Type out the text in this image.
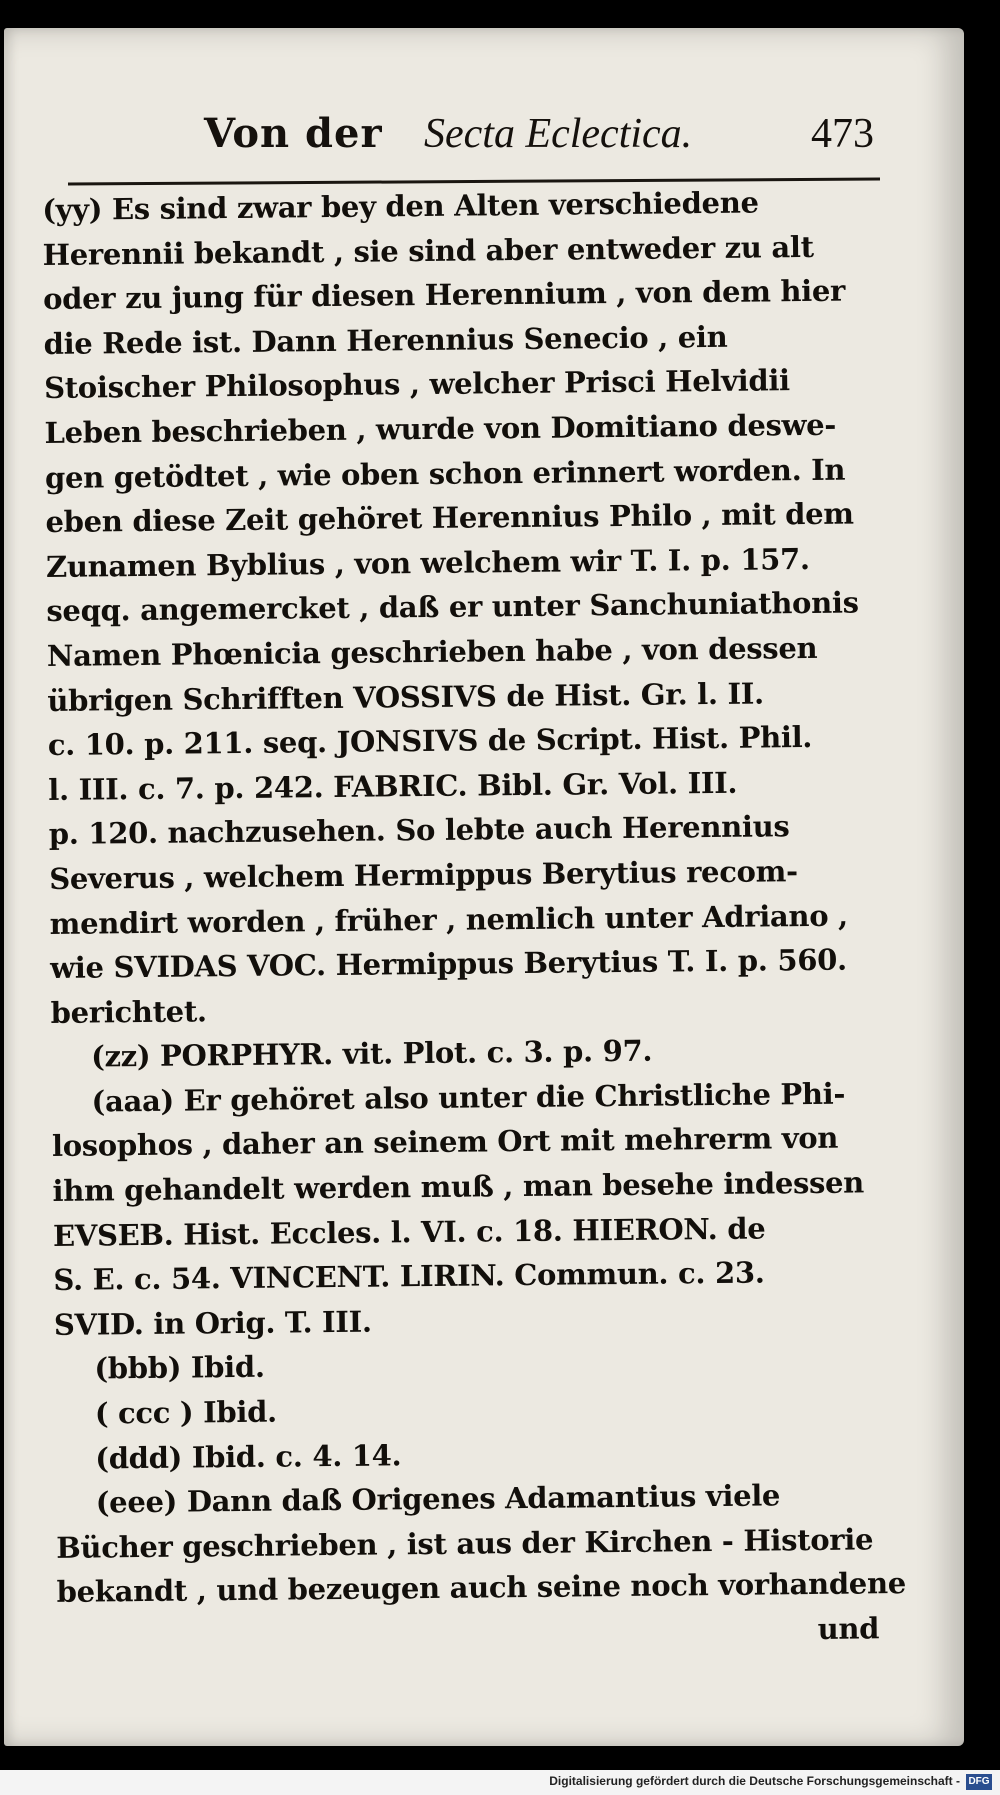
Von der Secta Eclectica.	473
(yy) Es sind zwar bey den Alten verschiedene
Herennii bekandt , sie sind aber entweder zu alt
oder zu jung für diesen Herennium , von dem hier
die Rede ist. Dann Herennius Senecio , ein
Stoischer Philosophus , welcher Prisci Helvidii
Leben beschrieben , wurde von Domitiano deswe-
gen getödtet , wie oben schon erinnert worden. In
eben diese Zeit gehöret Herennius Philo , mit dem
Zunamen Byblius , von welchem wir T. I. p. 157.
seqq. angemercket , daß er unter Sanchuniathonis
Namen Phœnicia geschrieben habe , von dessen
übrigen Schrifften VOSSIVS de Hist. Gr. l. II.
c. 10. p. 211. seq. JONSIVS de Script. Hist. Phil.
l. III. c. 7. p. 242. FABRIC. Bibl. Gr. Vol. III.
p. 120. nachzusehen. So lebte auch Herennius
Severus , welchem Hermippus Berytius recom-
mendirt worden , früher , nemlich unter Adriano ,
wie SVIDAS VOC. Hermippus Berytius T. I. p. 560.
berichtet.
(zz) PORPHYR. vit. Plot. c. 3. p. 97.
(aaa) Er gehöret also unter die Christliche Phi-
losophos , daher an seinem Ort mit mehrerm von
ihm gehandelt werden muß , man besehe indessen
EVSEB. Hist. Eccles. l. VI. c. 18. HIERON. de
S. E. c. 54. VINCENT. LIRIN. Commun. c. 23.
SVID. in Orig. T. III.
(bbb) Ibid.
( ccc ) Ibid.
(ddd) Ibid. c. 4. 14.
(eee) Dann daß Origenes Adamantius viele
Bücher geschrieben , ist aus der Kirchen - Historie
bekandt , und bezeugen auch seine noch vorhandene
und
Digitalisierung gefördert durch die Deutsche Forschungsgemeinschaft - DFG
